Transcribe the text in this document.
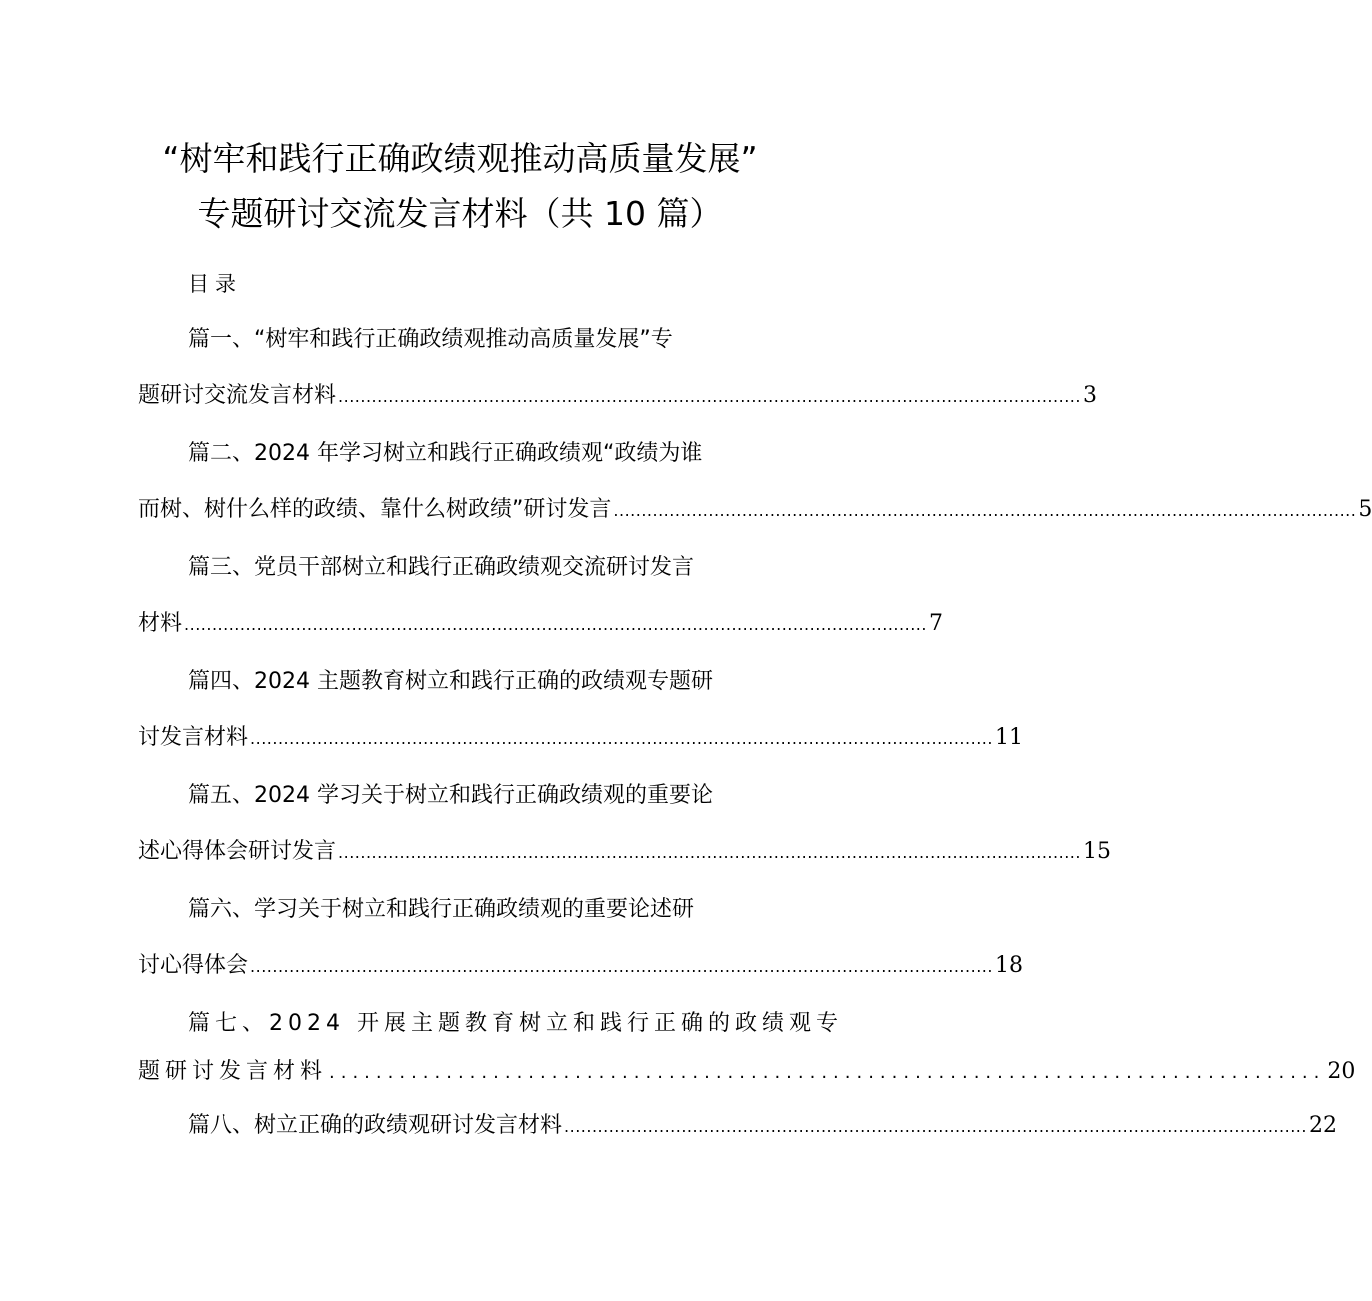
“树牢和践行正确政绩观推动高质量发展”
专题研讨交流发言材料（共 10 篇）
目录
篇一、“树牢和践行正确政绩观推动高质量发展”专
题研讨交流发言材料 ..................................................................................................................................... 3
篇二、2024 年学习树立和践行正确政绩观“政绩为谁
而树、树什么样的政绩、靠什么树政绩”研讨发言 ..................................................................................................................................... 5
篇三、党员干部树立和践行正确政绩观交流研讨发言
材料 ..................................................................................................................................... 7
篇四、2024 主题教育树立和践行正确的政绩观专题研
讨发言材料 ..................................................................................................................................... 11
篇五、2024 学习关于树立和践行正确政绩观的重要论
述心得体会研讨发言 ..................................................................................................................................... 15
篇六、学习关于树立和践行正确政绩观的重要论述研
讨心得体会 ..................................................................................................................................... 18
篇七、2024 开展主题教育树立和践行正确的政绩观专
题研讨发言材料 ..................................................................................... 20
篇八、树立正确的政绩观研讨发言材料 ..................................................................................................................................... 22
